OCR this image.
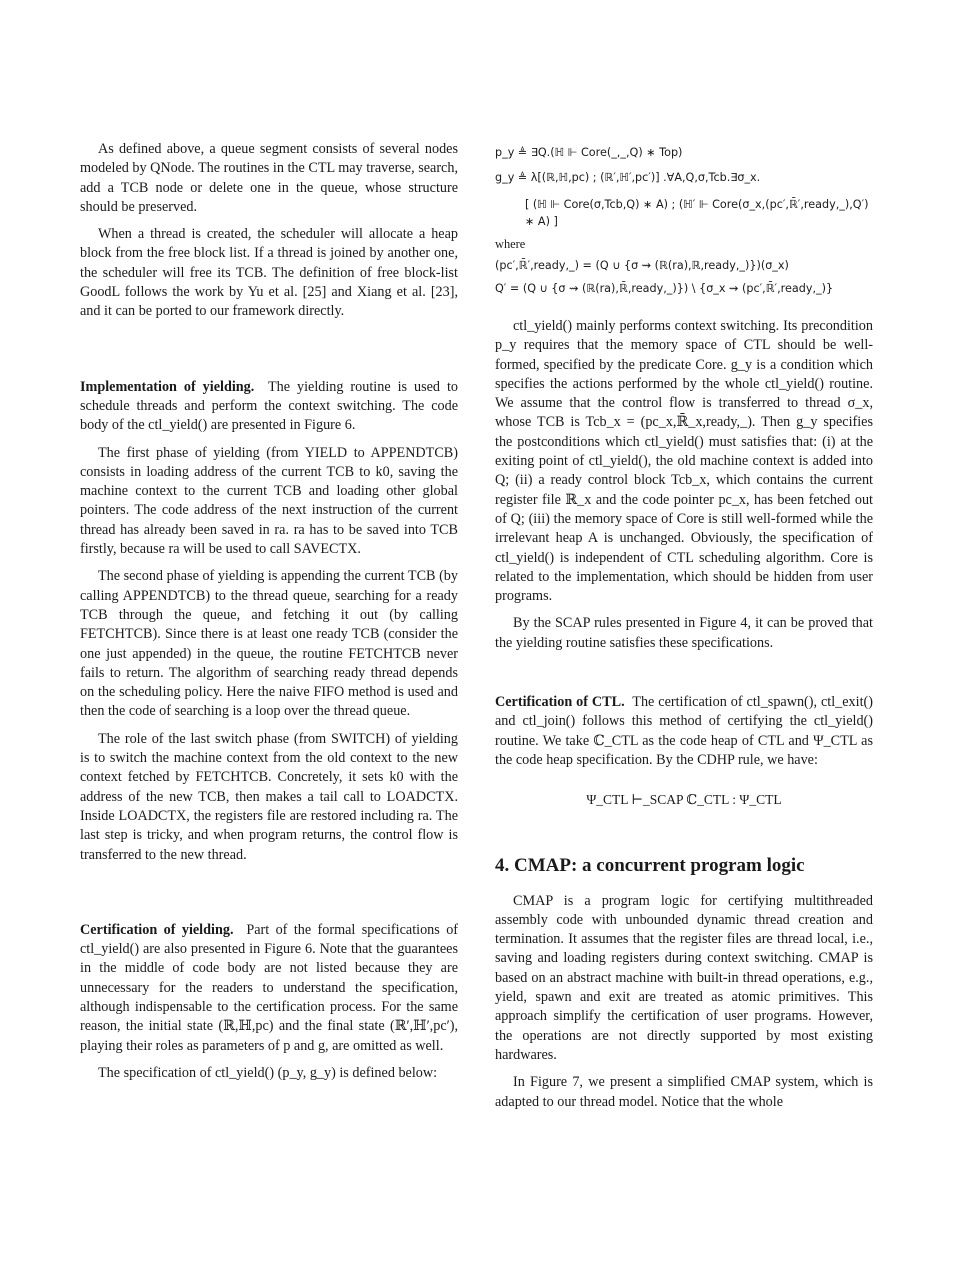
As defined above, a queue segment consists of several nodes modeled by QNode. The routines in the CTL may traverse, search, add a TCB node or delete one in the queue, whose structure should be preserved.

When a thread is created, the scheduler will allocate a heap block from the free block list. If a thread is joined by another one, the scheduler will free its TCB. The definition of free block-list GoodL follows the work by Yu et al. [25] and Xiang et al. [23], and it can be ported to our framework directly.

Implementation of yielding. The yielding routine is used to schedule threads and perform the context switching. The code body of the ctl_yield() are presented in Figure 6.

The first phase of yielding (from YIELD to APPENDTCB) consists in loading address of the current TCB to k0, saving the machine context to the current TCB and loading other global pointers. The code address of the next instruction of the current thread has already been saved in ra. ra has to be saved into TCB firstly, because ra will be used to call SAVECTX.

The second phase of yielding is appending the current TCB (by calling APPENDTCB) to the thread queue, searching for a ready TCB through the queue, and fetching it out (by calling FETCHTCB). Since there is at least one ready TCB (consider the one just appended) in the queue, the routine FETCHTCB never fails to return. The algorithm of searching ready thread depends on the scheduling policy. Here the naive FIFO method is used and then the code of searching is a loop over the thread queue.

The role of the last switch phase (from SWITCH) of yielding is to switch the machine context from the old context to the new context fetched by FETCHTCB. Concretely, it sets k0 with the address of the new TCB, then makes a tail call to LOADCTX. Inside LOADCTX, the registers file are restored including ra. The last step is tricky, and when program returns, the control flow is transferred to the new thread.

Certification of yielding. Part of the formal specifications of ctl_yield() are also presented in Figure 6. Note that the guarantees in the middle of code body are not listed because they are unnecessary for the readers to understand the specification, although indispensable to the certification process. For the same reason, the initial state (ℝ,ℍ,pc) and the final state (ℝ′,ℍ′,pc′), playing their roles as parameters of p and g, are omitted as well.

The specification of ctl_yield() (p_y, g_y) is defined below:

p_y ≜ ∃Q.(ℍ ⊩ Core(_,_,Q) ∗ Top)
g_y ≜ λ[(ℝ,ℍ,pc) ; (ℝ′,ℍ′,pc′)] .∀A,Q,σ,Tcb.∃σ_x.
[ (ℍ ⊩ Core(σ,Tcb,Q) ∗ A) ; (ℍ′ ⊩ Core(σ_x,(pc′,ℝ̄′,ready,_),Q′) ∗ A) ]
where
(pc′,ℝ̄′,ready,_) = (Q ∪ {σ ⇝ (ℝ(ra),ℝ,ready,_)})(σ_x)
Q′ = (Q ∪ {σ ⇝ (ℝ(ra),ℝ̄,ready,_)}) \ {σ_x ⇝ (pc′,ℝ̄′,ready,_)}

ctl_yield() mainly performs context switching. Its precondition p_y requires that the memory space of CTL should be well-formed, specified by the predicate Core. g_y is a condition which specifies the actions performed by the whole ctl_yield() routine. We assume that the control flow is transferred to thread σ_x, whose TCB is Tcb_x = (pc_x,ℝ̄_x,ready,_). Then g_y specifies the postconditions which ctl_yield() must satisfies that: (i) at the exiting point of ctl_yield(), the old machine context is added into Q; (ii) a ready control block Tcb_x, which contains the current register file ℝ_x and the code pointer pc_x, has been fetched out of Q; (iii) the memory space of Core is still well-formed while the irrelevant heap A is unchanged. Obviously, the specification of ctl_yield() is independent of CTL scheduling algorithm. Core is related to the implementation, which should be hidden from user programs.

By the SCAP rules presented in Figure 4, it can be proved that the yielding routine satisfies these specifications.

Certification of CTL. The certification of ctl_spawn(), ctl_exit() and ctl_join() follows this method of certifying the ctl_yield() routine. We take ℂ_CTL as the code heap of CTL and Ψ_CTL as the code heap specification. By the CDHP rule, we have:

Ψ_CTL ⊢_SCAP ℂ_CTL : Ψ_CTL
4. CMAP: a concurrent program logic

CMAP is a program logic for certifying multithreaded assembly code with unbounded dynamic thread creation and termination. It assumes that the register files are thread local, i.e., saving and loading registers during context switching. CMAP is based on an abstract machine with built-in thread operations, e.g., yield, spawn and exit are treated as atomic primitives. This approach simplify the certification of user programs. However, the operations are not directly supported by most existing hardwares.

In Figure 7, we present a simplified CMAP system, which is adapted to our thread model. Notice that the whole
